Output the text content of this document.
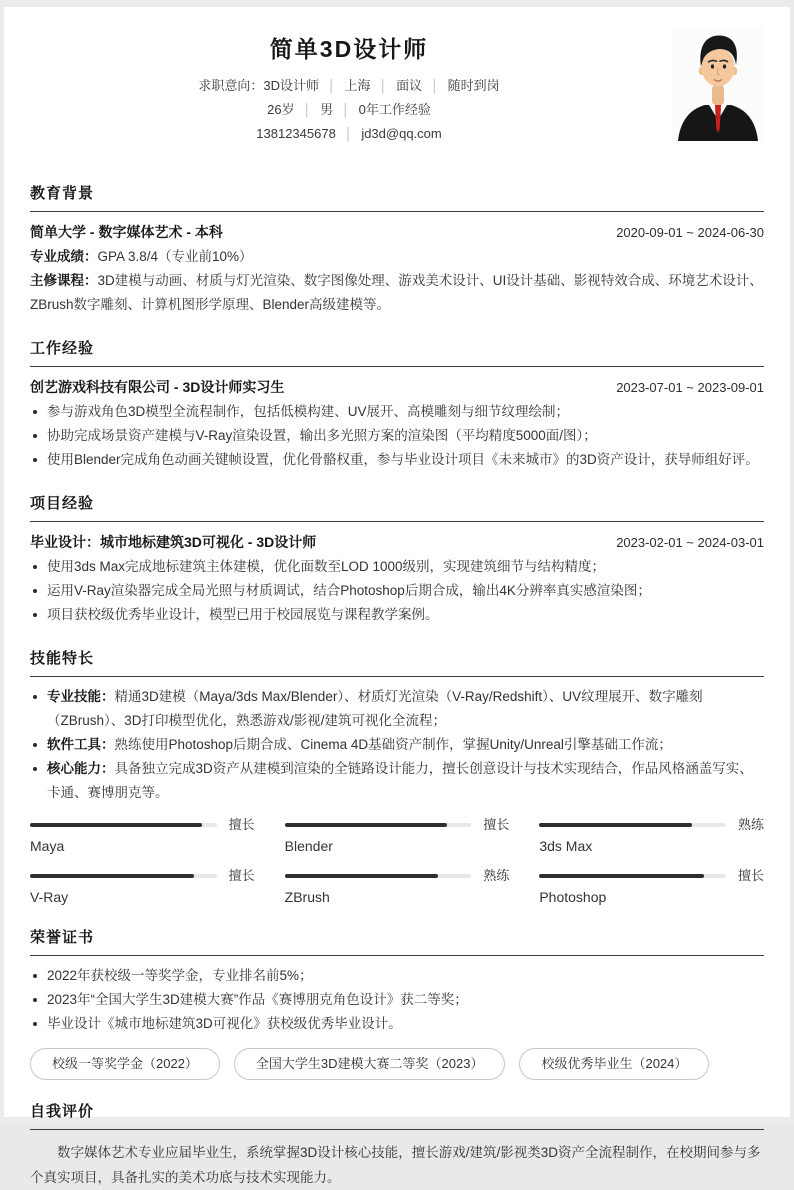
简单3D设计师
求职意向：3D设计师 │ 上海 │ 面议 │ 随时到岗
26岁 │ 男 │ 0年工作经验
13812345678 │ jd3d@qq.com
教育背景
简单大学 - 数字媒体艺术 - 本科	2020-09-01 ~ 2024-06-30
专业成绩：GPA 3.8/4（专业前10%）
主修课程：3D建模与动画、材质与灯光渲染、数字图像处理、游戏美术设计、UI设计基础、影视特效合成、环境艺术设计、ZBrush数字雕刻、计算机图形学原理、Blender高级建模等。
工作经验
创艺游戏科技有限公司 - 3D设计师实习生	2023-07-01 ~ 2023-09-01
参与游戏角色3D模型全流程制作，包括低模构建、UV展开、高模雕刻与细节纹理绘制；
协助完成场景资产建模与V-Ray渲染设置，输出多光照方案的渲染图（平均精度5000面/图）；
使用Blender完成角色动画关键帧设置，优化骨骼权重，参与毕业设计项目《未来城市》的3D资产设计，获导师组好评。
项目经验
毕业设计：城市地标建筑3D可视化 - 3D设计师	2023-02-01 ~ 2024-03-01
使用3ds Max完成地标建筑主体建模，优化面数至LOD 1000级别，实现建筑细节与结构精度；
运用V-Ray渲染器完成全局光照与材质调试，结合Photoshop后期合成，输出4K分辨率真实感渲染图；
项目获校级优秀毕业设计，模型已用于校园展览与课程教学案例。
技能特长
专业技能：精通3D建模（Maya/3ds Max/Blender）、材质灯光渲染（V-Ray/Redshift）、UV纹理展开、数字雕刻（ZBrush）、3D打印模型优化，熟悉游戏/影视/建筑可视化全流程；
软件工具：熟练使用Photoshop后期合成、Cinema 4D基础资产制作，掌握Unity/Unreal引擎基础工作流；
核心能力：具备独立完成3D资产从建模到渲染的全链路设计能力，擅长创意设计与技术实现结合，作品风格涵盖写实、卡通、赛博朋克等。
擅长
Maya
擅长
Blender
熟练
3ds Max
擅长
V-Ray
熟练
ZBrush
擅长
Photoshop
荣誉证书
2022年获校级一等奖学金，专业排名前5%；
2023年“全国大学生3D建模大赛”作品《赛博朋克角色设计》获二等奖；
毕业设计《城市地标建筑3D可视化》获校级优秀毕业设计。
校级一等奖学金（2022）	全国大学生3D建模大赛二等奖（2023）	校级优秀毕业生（2024）
自我评价
数字媒体艺术专业应届毕业生，系统掌握3D设计核心技能，擅长游戏/建筑/影视类3D资产全流程制作，在校期间参与多个真实项目，具备扎实的美术功底与技术实现能力。
